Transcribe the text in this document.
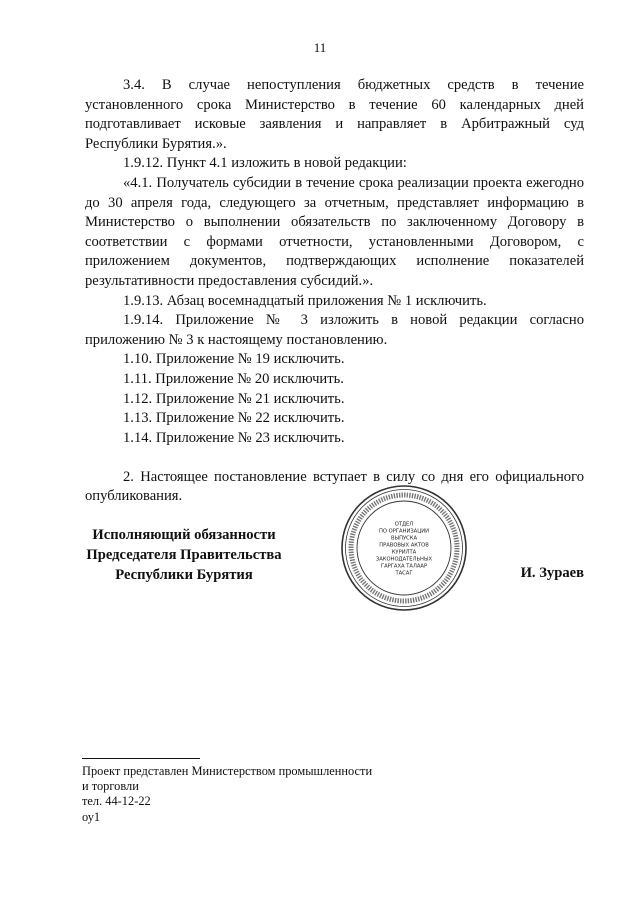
11

3.4. В случае непоступления бюджетных средств в течение установленного срока Министерство в течение 60 календарных дней подготавливает исковые заявления и направляет в Арбитражный суд Республики Бурятия.».

1.9.12. Пункт 4.1 изложить в новой редакции:

«4.1. Получатель субсидии в течение срока реализации проекта ежегодно до 30 апреля года, следующего за отчетным, представляет информацию в Министерство о выполнении обязательств по заключенному Договору в соответствии с формами отчетности, установленными Договором, с приложением документов, подтверждающих исполнение показателей результативности предоставления субсидий.».

1.9.13. Абзац восемнадцатый приложения № 1 исключить.

1.9.14. Приложение № 3 изложить в новой редакции согласно приложению № 3 к настоящему постановлению.

1.10. Приложение № 19 исключить.

1.11. Приложение № 20 исключить.

1.12. Приложение № 21 исключить.

1.13. Приложение № 22 исключить.

1.14. Приложение № 23 исключить.

2. Настоящее постановление вступает в силу со дня его официального опубликования.

Исполняющий обязанности
Председателя Правительства
Республики Бурятия
ОТДЕЛ
ПО ОРГАНИЗАЦИИ
ВЫПУСКА
ПРАВОВЫХ АКТОВ
КУРИЛТА
ЗАКОНОДАТЕЛЬНЫХ
ГАРГАХА ТАЛААР
ТАСАГ	И. Зураев
Проект представлен Министерством промышленности
и торговли
тел. 44-12-22
оу1
